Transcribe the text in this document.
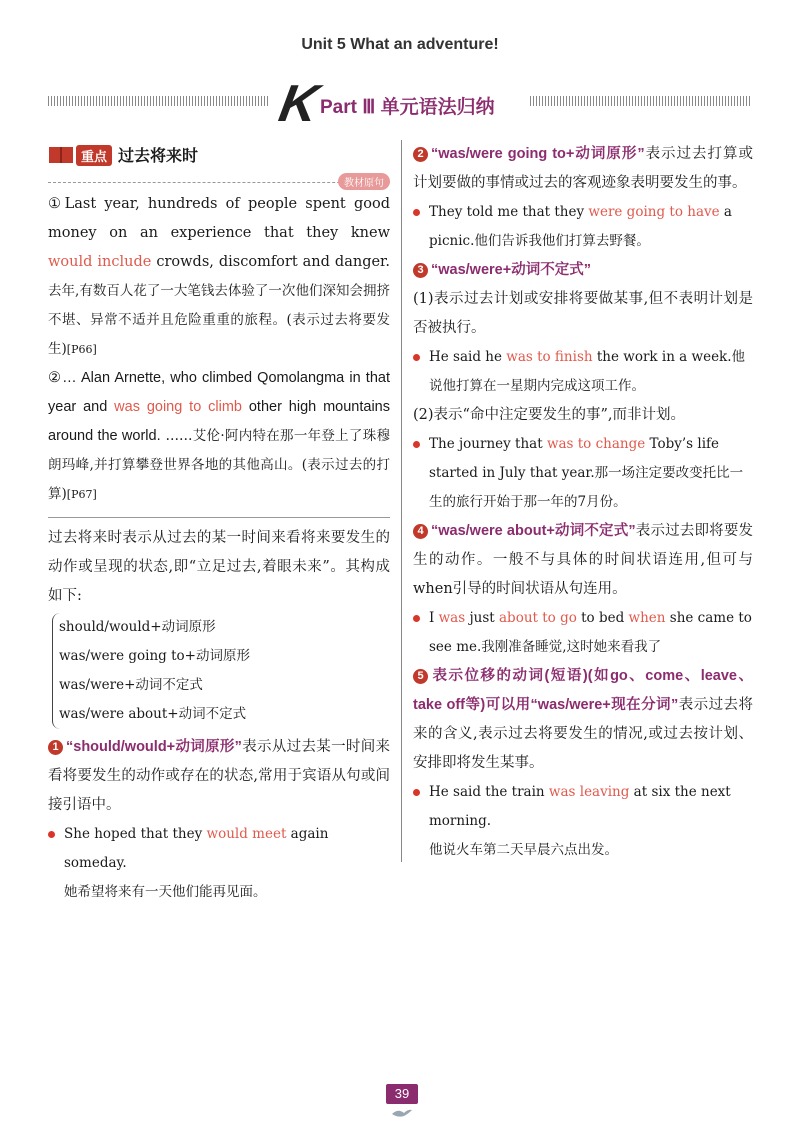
Unit 5 What an adventure!
K
Part Ⅲ 单元语法归纳
重点 过去将来时
教材原句

①Last year, hundreds of people spent good money on an experience that they knew would include crowds, discomfort and danger. 去年,有数百人花了一大笔钱去体验了一次他们深知会拥挤不堪、异常不适并且危险重重的旅程。(表示过去将要发生)[P66]

②… Alan Arnette, who climbed Qomolangma in that year and was going to climb other high mountains around the world. ……艾伦·阿内特在那一年登上了珠穆朗玛峰,并打算攀登世界各地的其他高山。(表示过去的打算)[P67]

过去将来时表示从过去的某一时间来看将来要发生的动作或呈现的状态,即“立足过去,着眼未来”。其构成如下:

should/would+动词原形
was/were going to+动词原形
was/were+动词不定式
was/were about+动词不定式

1 “should/would+动词原形”表示从过去某一时间来看将要发生的动作或存在的状态,常用于宾语从句或间接引语中。

She hoped that they would meet again someday.
她希望将来有一天他们能再见面。

2 “was/were going to+动词原形”表示过去打算或计划要做的事情或过去的客观迹象表明要发生的事。

They told me that they were going to have a picnic.他们告诉我他们打算去野餐。

3 “was/were+动词不定式”

(1)表示过去计划或安排将要做某事,但不表明计划是否被执行。

He said he was to finish the work in a week.他说他打算在一星期内完成这项工作。

(2)表示“命中注定要发生的事”,而非计划。

The journey that was to change Toby’s life started in July that year.那一场注定要改变托比一生的旅行开始于那一年的7月份。

4 “was/were about+动词不定式”表示过去即将要发生的动作。一般不与具体的时间状语连用,但可与when引导的时间状语从句连用。

I was just about to go to bed when she came to see me.我刚准备睡觉,这时她来看我了

5 表示位移的动词(短语)(如go、come、leave、take off等)可以用“was/were+现在分词”表示过去将来的含义,表示过去将要发生的情况,或过去按计划、安排即将发生某事。

He said the train was leaving at six the next morning.
他说火车第二天早晨六点出发。
39
